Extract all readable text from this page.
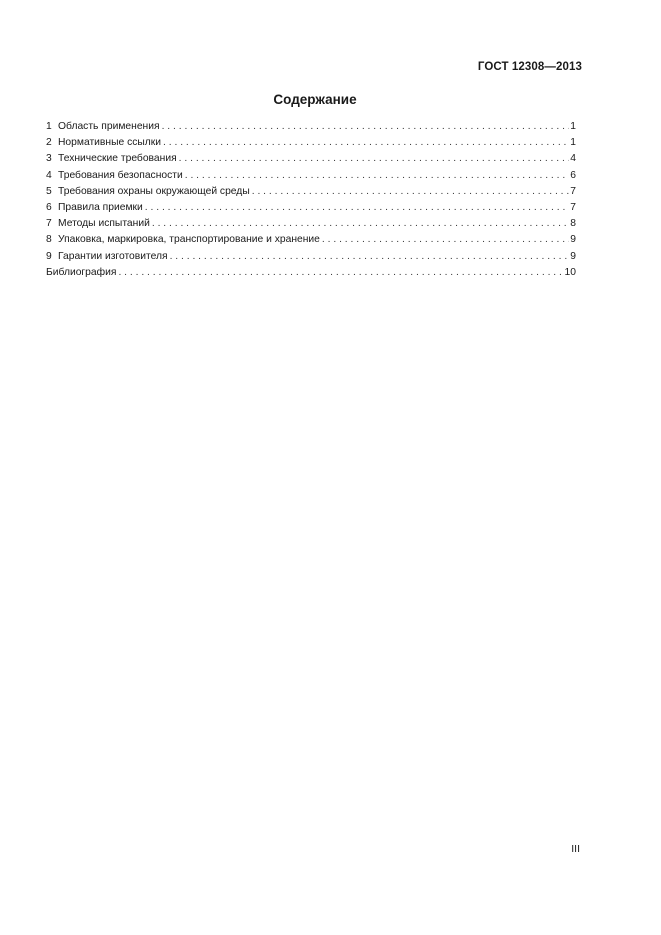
ГОСТ 12308—2013
Содержание
1 Область применения . . .	1
2 Нормативные ссылки . . .	1
3 Технические требования . . .	4
4 Требования безопасности . . .	6
5 Требования охраны окружающей среды . . .	7
6 Правила приемки . . .	7
7 Методы испытаний . . .	8
8 Упаковка, маркировка, транспортирование и хранение . . .	9
9 Гарантии изготовителя . . .	9
Библиография . . .	10
III
